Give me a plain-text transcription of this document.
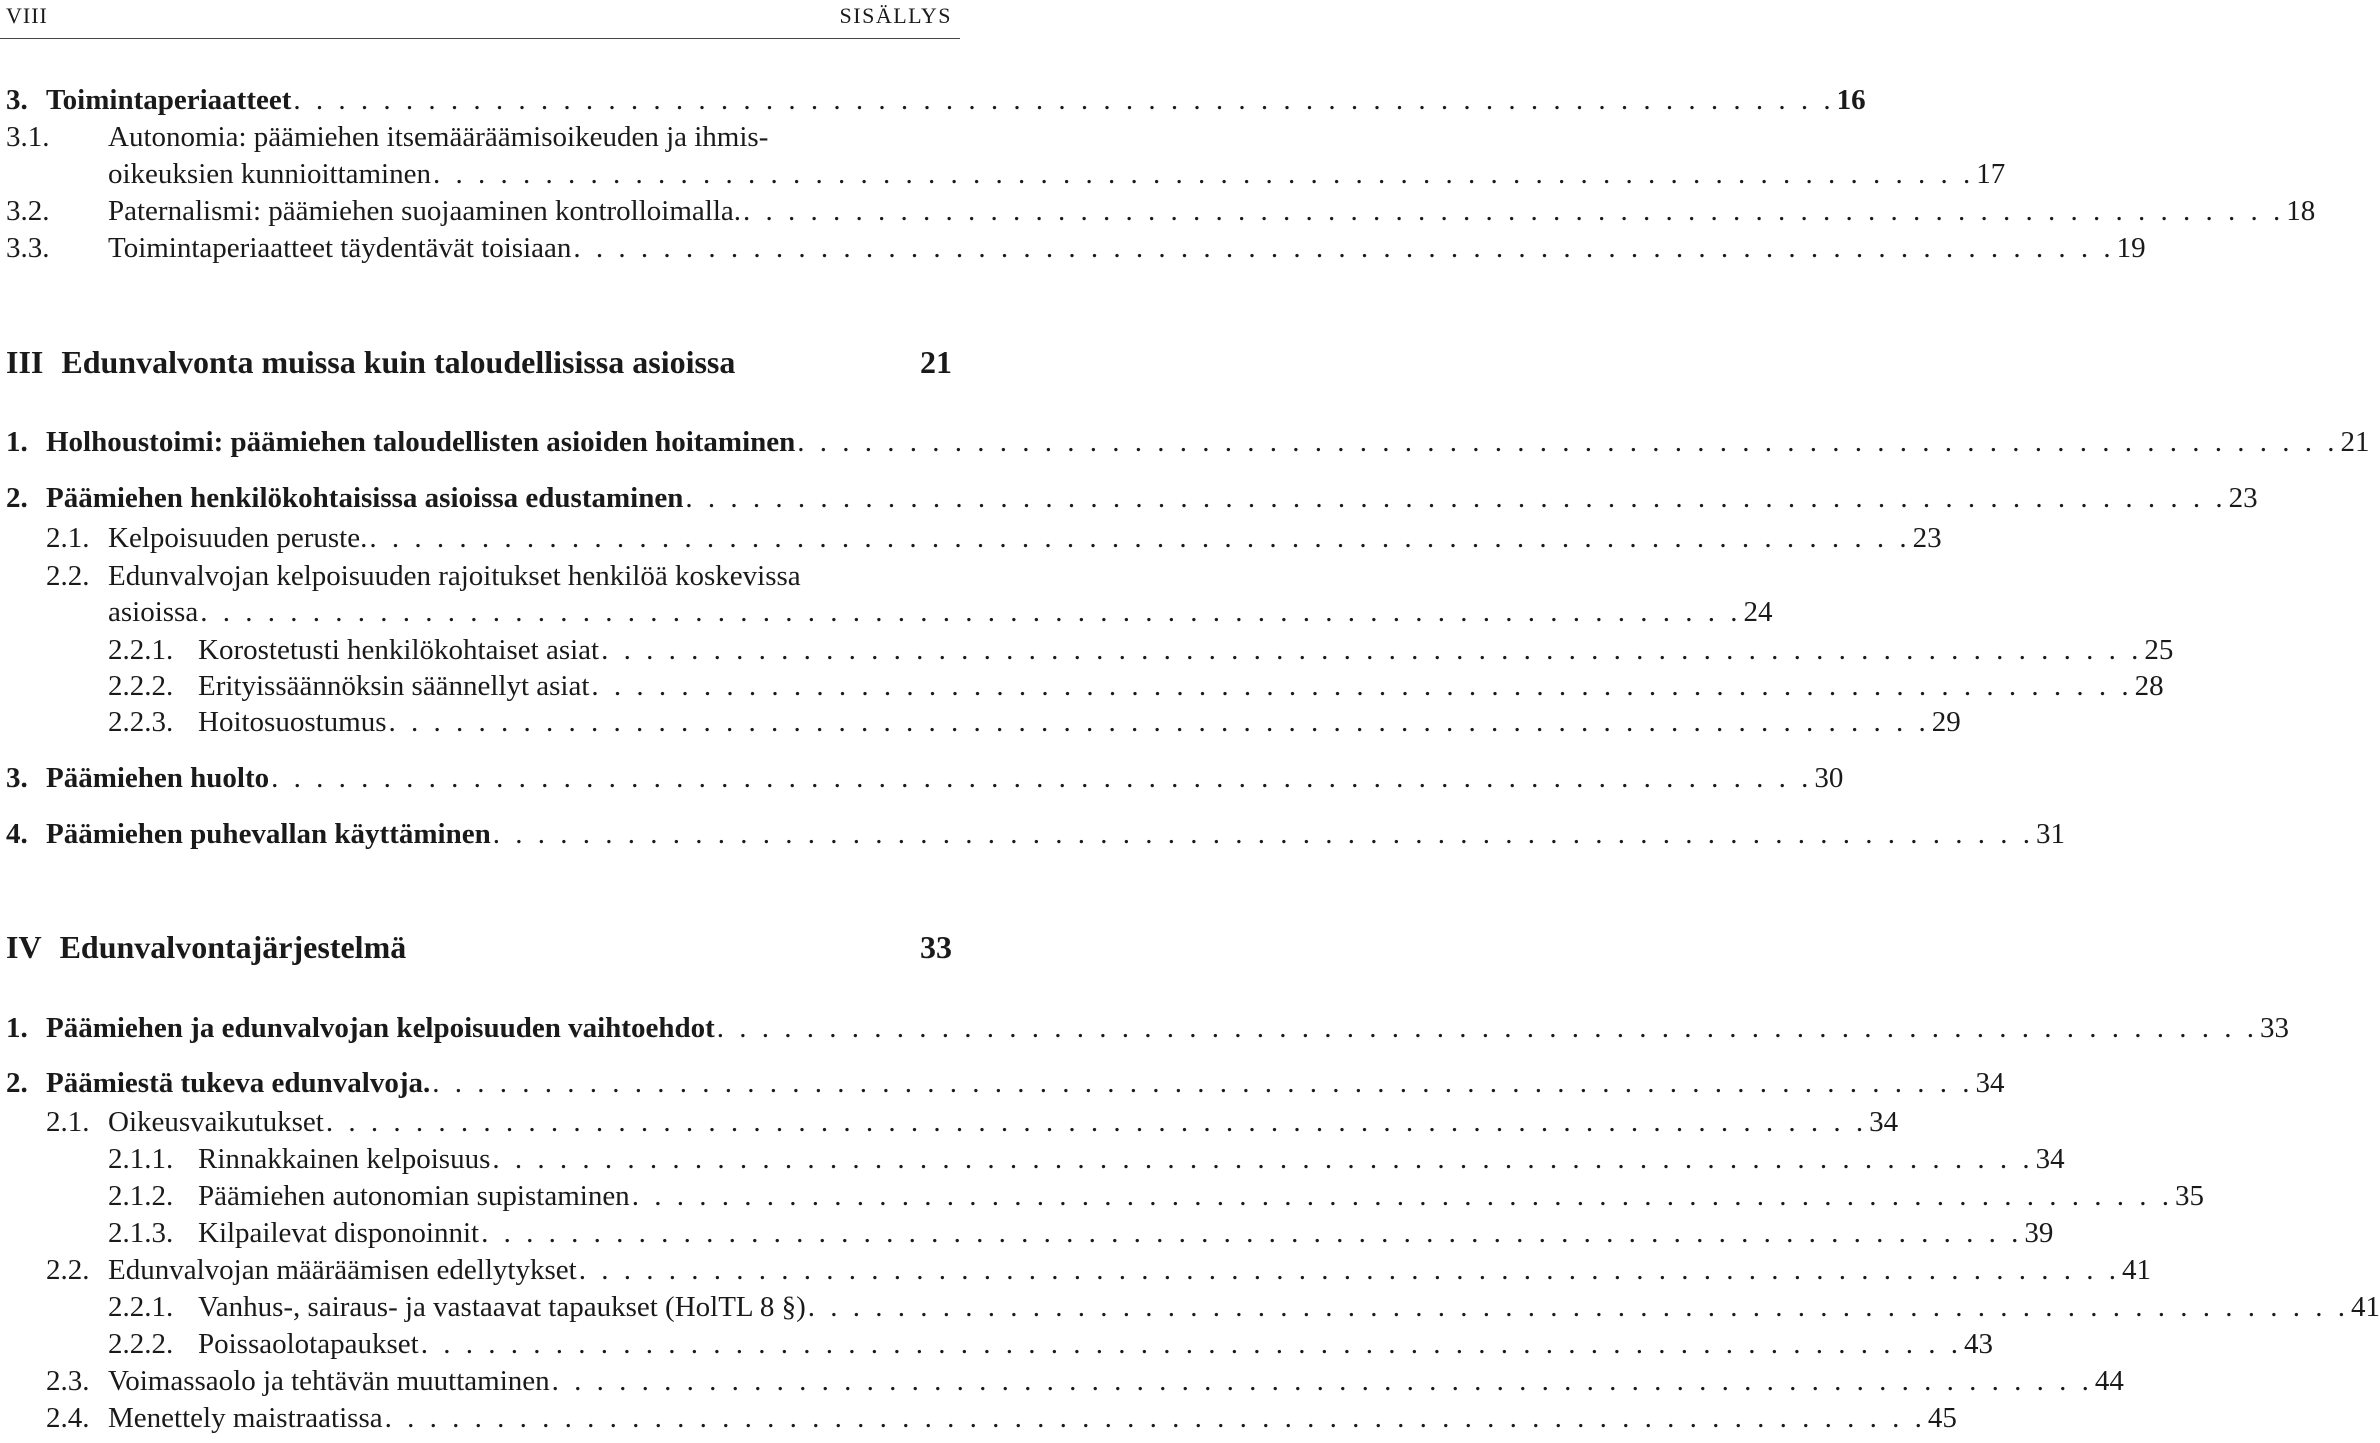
VIII	SISÄLLYS
3. Toimintaperiaatteet . . . . . . . . . . . . . . . . . . . . . . . . . . . . . . . . . . . . . . . . . . . . . . . . . . . . . . . . . . . . . . . . . . . . . 16
3.1.	Autonomia: päämiehen itsemääräämisoikeuden ja ihmis-
oikeuksien kunnioittaminen . . . . . . . . . . . . . . . . . . . . . . . . . . . . . . . . . . . . . . . . . . . . . . . . . . . . . . . . . . . . . . . . . . . . . 17
3.2.	Paternalismi: päämiehen suojaaminen kontrolloimalla. . . . . . . . . . . . . . . . . . . . . . . . . . . . . . . . . . . . . . . . . . . . . . . . . . . . . . . . . . . . . . . . . . . . . . 18
3.3.	Toimintaperiaatteet täydentävät toisiaan . . . . . . . . . . . . . . . . . . . . . . . . . . . . . . . . . . . . . . . . . . . . . . . . . . . . . . . . . . . . . . . . . . . . . 19
III Edunvalvonta muissa kuin taloudellisissa asioissa	21
1. Holhoustoimi: päämiehen taloudellisten asioiden hoitaminen . . . . . . . . . . . . . . . . . . . . . . . . . . . . . . . . . . . . . . . . . . . . . . . . . . . . . . . . . . . . . . . . . . . . . 21
2. Päämiehen henkilökohtaisissa asioissa edustaminen . . . . . . . . . . . . . . . . . . . . . . . . . . . . . . . . . . . . . . . . . . . . . . . . . . . . . . . . . . . . . . . . . . . . . 23
2.1. Kelpoisuuden peruste. . . . . . . . . . . . . . . . . . . . . . . . . . . . . . . . . . . . . . . . . . . . . . . . . . . . . . . . . . . . . . . . . . . . . . 23
2.2. Edunvalvojan kelpoisuuden rajoitukset henkilöä koskevissa
asioissa . . . . . . . . . . . . . . . . . . . . . . . . . . . . . . . . . . . . . . . . . . . . . . . . . . . . . . . . . . . . . . . . . . . . . 24
2.2.1. Korostetusti henkilökohtaiset asiat . . . . . . . . . . . . . . . . . . . . . . . . . . . . . . . . . . . . . . . . . . . . . . . . . . . . . . . . . . . . . . . . . . . . . 25
2.2.2. Erityissäännöksin säännellyt asiat . . . . . . . . . . . . . . . . . . . . . . . . . . . . . . . . . . . . . . . . . . . . . . . . . . . . . . . . . . . . . . . . . . . . . 28
2.2.3. Hoitosuostumus . . . . . . . . . . . . . . . . . . . . . . . . . . . . . . . . . . . . . . . . . . . . . . . . . . . . . . . . . . . . . . . . . . . . . 29
3. Päämiehen huolto . . . . . . . . . . . . . . . . . . . . . . . . . . . . . . . . . . . . . . . . . . . . . . . . . . . . . . . . . . . . . . . . . . . . . 30
4. Päämiehen puhevallan käyttäminen . . . . . . . . . . . . . . . . . . . . . . . . . . . . . . . . . . . . . . . . . . . . . . . . . . . . . . . . . . . . . . . . . . . . . 31
IV Edunvalvontajärjestelmä	33
1. Päämiehen ja edunvalvojan kelpoisuuden vaihtoehdot . . . . . . . . . . . . . . . . . . . . . . . . . . . . . . . . . . . . . . . . . . . . . . . . . . . . . . . . . . . . . . . . . . . . . 33
2. Päämiestä tukeva edunvalvoja. . . . . . . . . . . . . . . . . . . . . . . . . . . . . . . . . . . . . . . . . . . . . . . . . . . . . . . . . . . . . . . . . . . . . . 34
2.1. Oikeusvaikutukset . . . . . . . . . . . . . . . . . . . . . . . . . . . . . . . . . . . . . . . . . . . . . . . . . . . . . . . . . . . . . . . . . . . . . 34
2.1.1. Rinnakkainen kelpoisuus . . . . . . . . . . . . . . . . . . . . . . . . . . . . . . . . . . . . . . . . . . . . . . . . . . . . . . . . . . . . . . . . . . . . . 34
2.1.2. Päämiehen autonomian supistaminen . . . . . . . . . . . . . . . . . . . . . . . . . . . . . . . . . . . . . . . . . . . . . . . . . . . . . . . . . . . . . . . . . . . . . 35
2.1.3. Kilpailevat disponoinnit . . . . . . . . . . . . . . . . . . . . . . . . . . . . . . . . . . . . . . . . . . . . . . . . . . . . . . . . . . . . . . . . . . . . . 39
2.2. Edunvalvojan määräämisen edellytykset . . . . . . . . . . . . . . . . . . . . . . . . . . . . . . . . . . . . . . . . . . . . . . . . . . . . . . . . . . . . . . . . . . . . . 41
2.2.1. Vanhus-, sairaus- ja vastaavat tapaukset (HolTL 8 §) . . . . . . . . . . . . . . . . . . . . . . . . . . . . . . . . . . . . . . . . . . . . . . . . . . . . . . . . . . . . . . . . . . . . . 41
2.2.2. Poissaolotapaukset . . . . . . . . . . . . . . . . . . . . . . . . . . . . . . . . . . . . . . . . . . . . . . . . . . . . . . . . . . . . . . . . . . . . . 43
2.3. Voimassaolo ja tehtävän muuttaminen . . . . . . . . . . . . . . . . . . . . . . . . . . . . . . . . . . . . . . . . . . . . . . . . . . . . . . . . . . . . . . . . . . . . . 44
2.4. Menettely maistraatissa . . . . . . . . . . . . . . . . . . . . . . . . . . . . . . . . . . . . . . . . . . . . . . . . . . . . . . . . . . . . . . . . . . . . . 45
